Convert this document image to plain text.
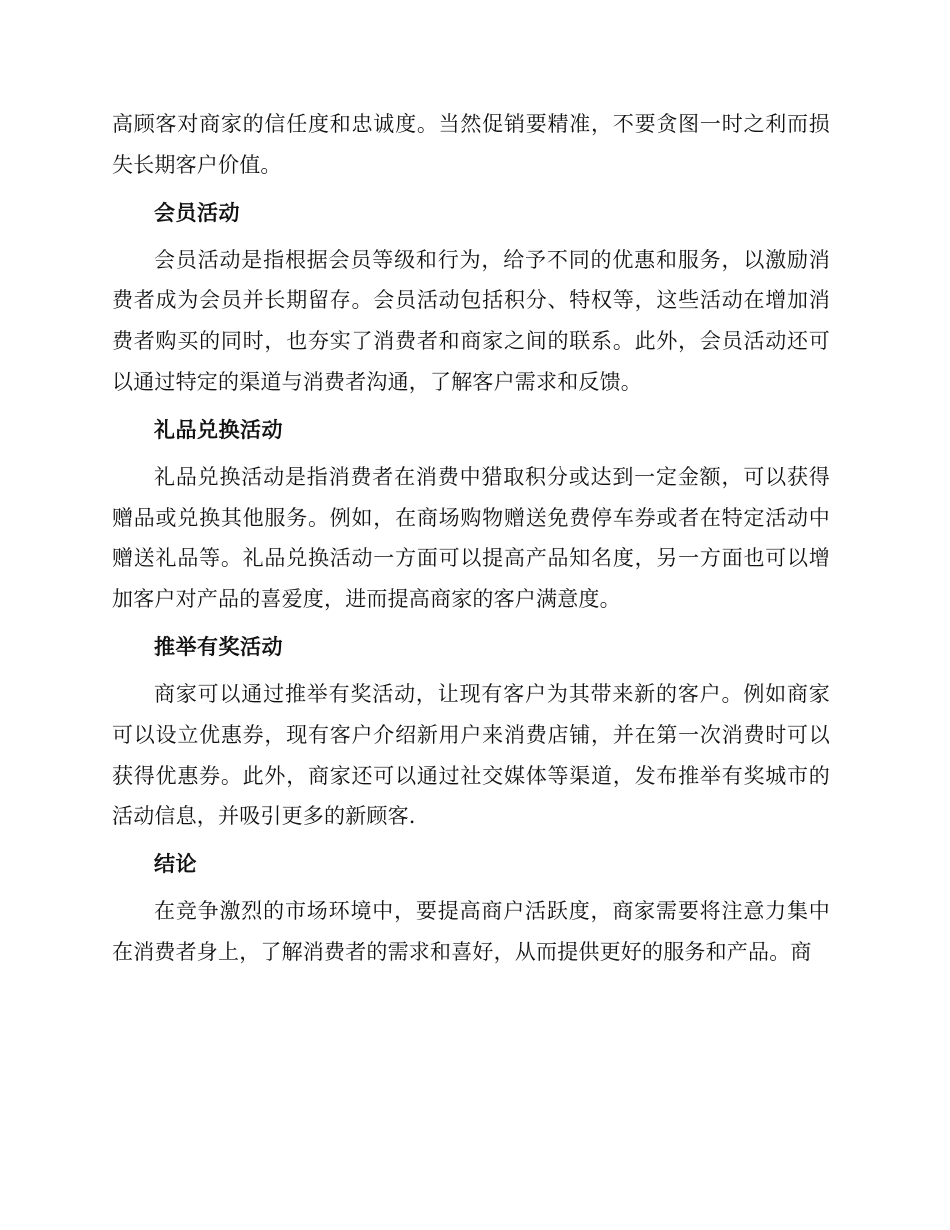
高顾客对商家的信任度和忠诚度。当然促销要精准，不要贪图一时之利而损失长期客户价值。

会员活动

会员活动是指根据会员等级和行为，给予不同的优惠和服务，以激励消费者成为会员并长期留存。会员活动包括积分、特权等，这些活动在增加消费者购买的同时，也夯实了消费者和商家之间的联系。此外，会员活动还可以通过特定的渠道与消费者沟通，了解客户需求和反馈。

礼品兑换活动

礼品兑换活动是指消费者在消费中猎取积分或达到一定金额，可以获得赠品或兑换其他服务。例如，在商场购物赠送免费停车券或者在特定活动中赠送礼品等。礼品兑换活动一方面可以提高产品知名度，另一方面也可以增加客户对产品的喜爱度，进而提高商家的客户满意度。

推举有奖活动

商家可以通过推举有奖活动，让现有客户为其带来新的客户。例如商家可以设立优惠券，现有客户介绍新用户来消费店铺，并在第一次消费时可以获得优惠券。此外，商家还可以通过社交媒体等渠道，发布推举有奖城市的活动信息，并吸引更多的新顾客.

结论

在竞争激烈的市场环境中，要提高商户活跃度，商家需要将注意力集中在消费者身上，了解消费者的需求和喜好，从而提供更好的服务和产品。商
